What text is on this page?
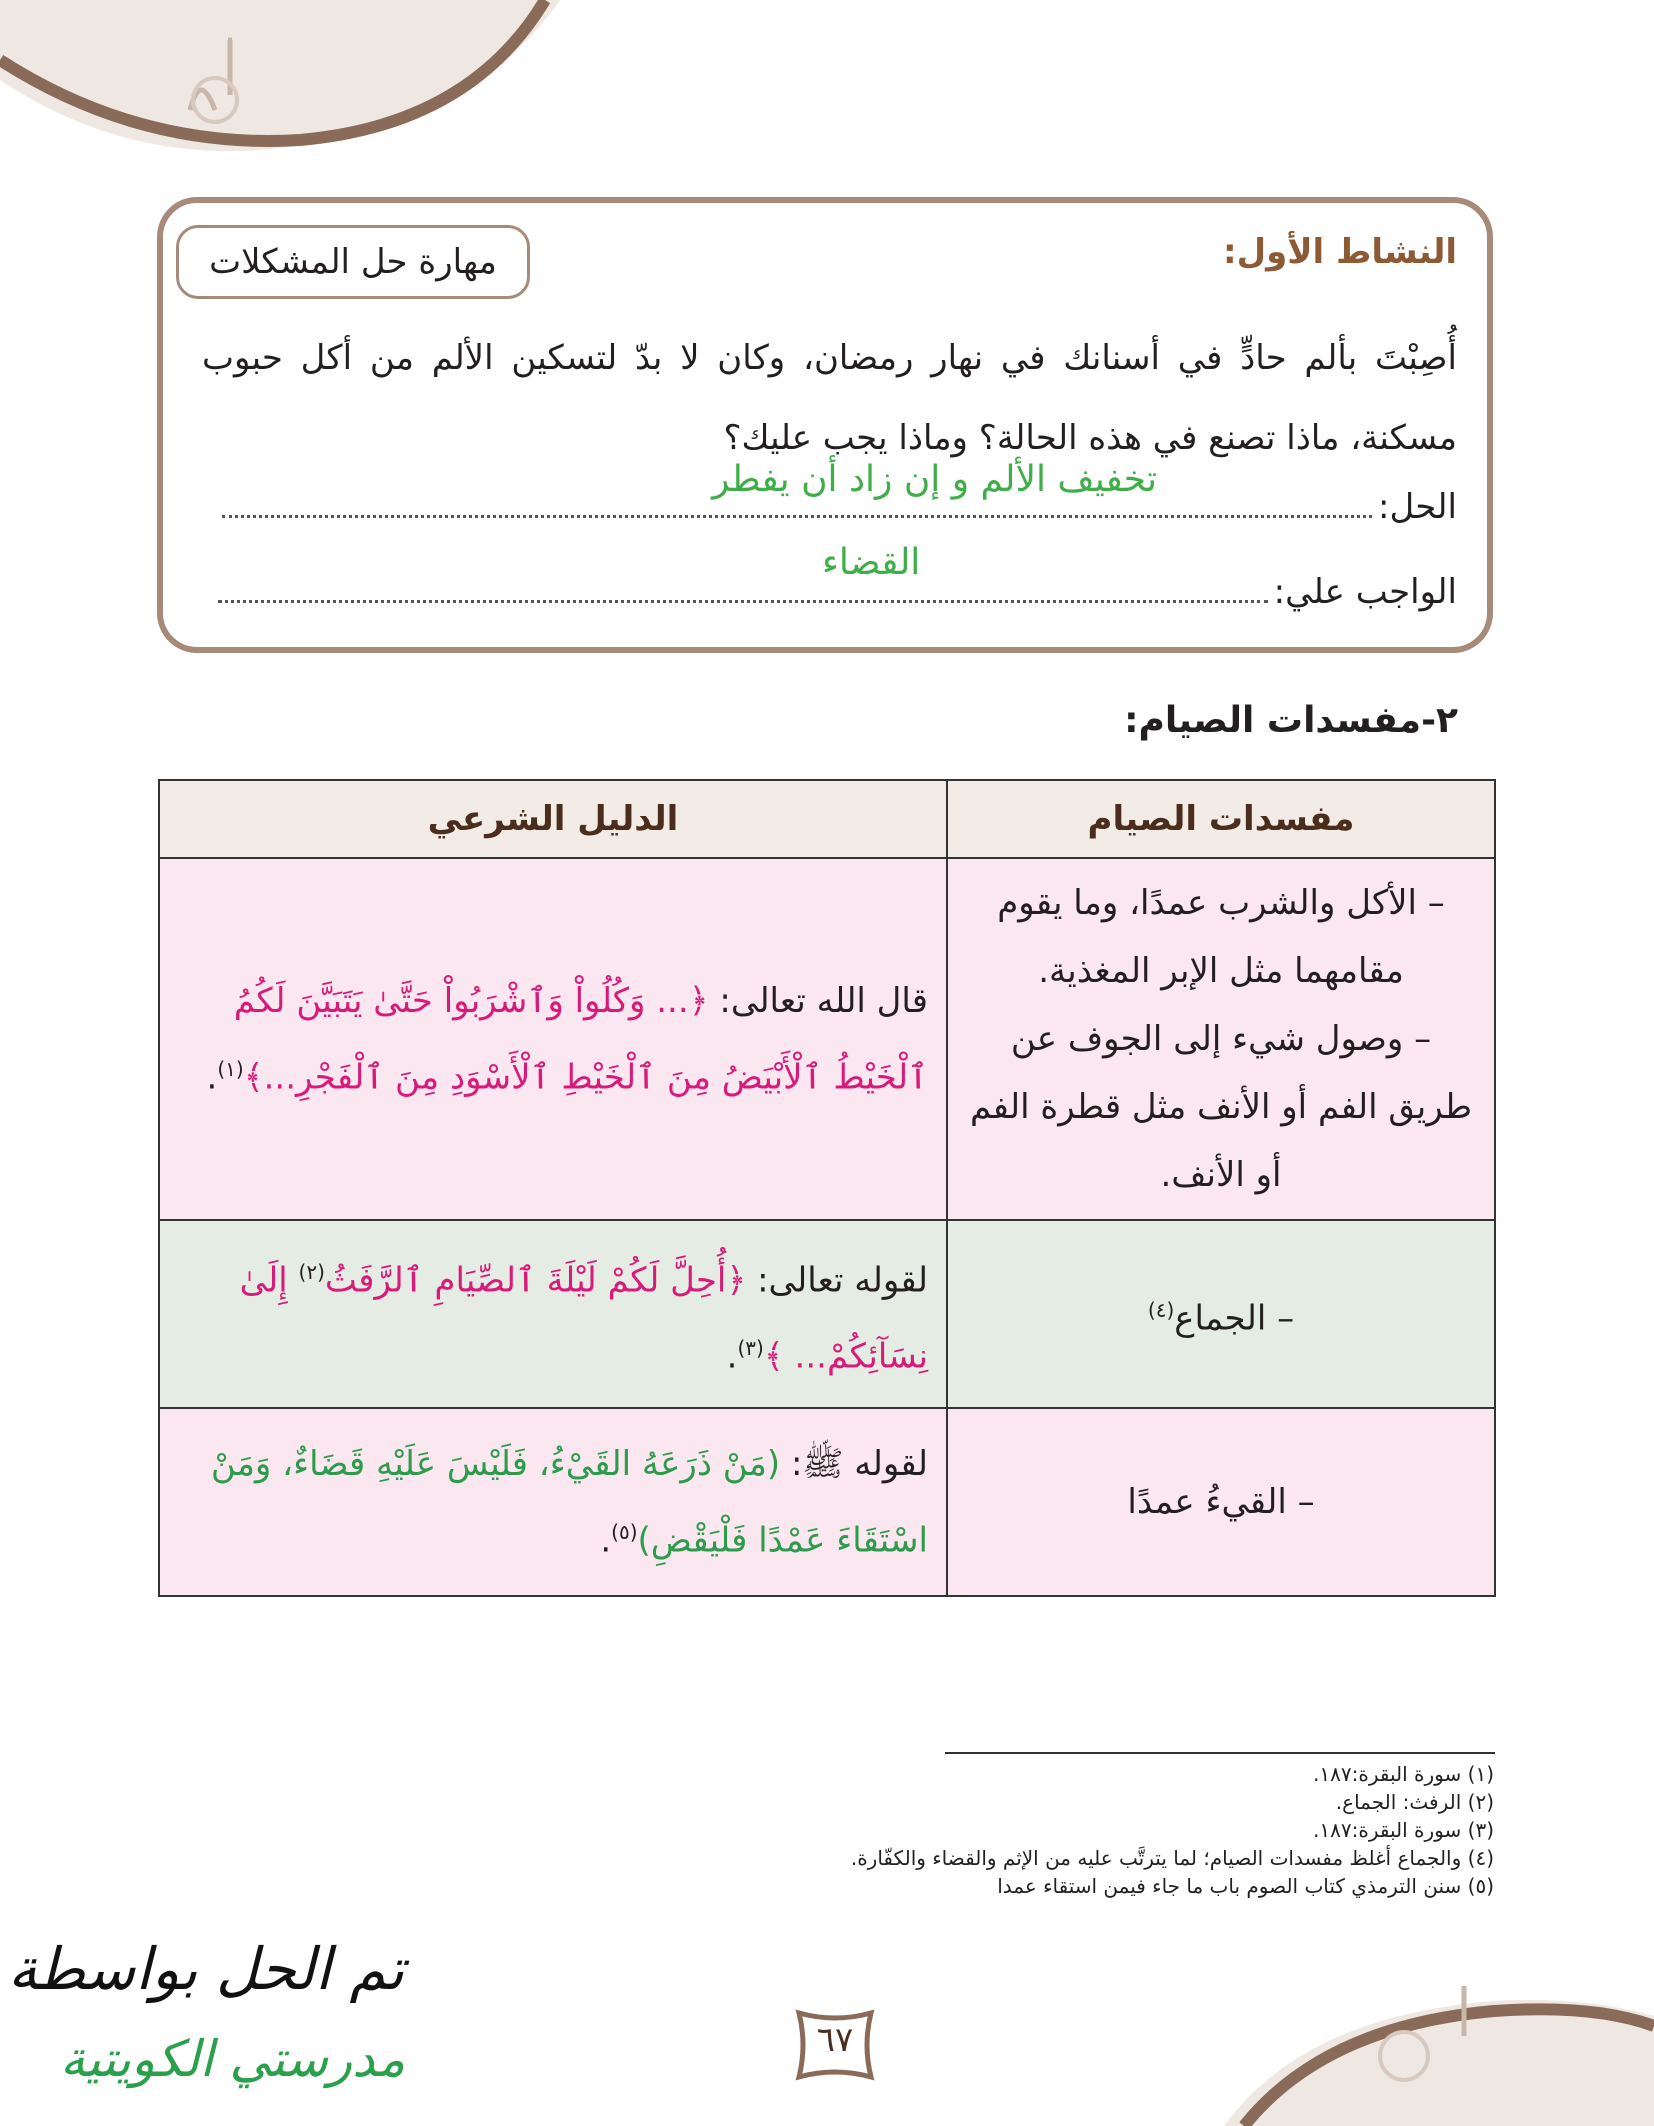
مهارة حل المشكلات	النشاط الأول:
أُصِبْتَ بألم حادٍّ في أسنانك في نهار رمضان، وكان لا بدّ لتسكين الألم من أكل حبوب مسكنة، ماذا تصنع في هذه الحالة؟ وماذا يجب عليك؟
الحل:
تخفيف الألم و إن زاد أن يفطر
الواجب علي:
القضاء
٢-مفسدات الصيام:
مفسدات الصيام	الدليل الشرعي

– الأكل والشرب عمدًا، وما يقوم مقامهما مثل الإبر المغذية.
– وصول شيء إلى الجوف عن طريق الفم أو الأنف مثل قطرة الفم أو الأنف.	قال الله تعالى: ﴿... وَكُلُواْ وَٱشْرَبُواْ حَتَّىٰ يَتَبَيَّنَ لَكُمُ ٱلْخَيْطُ ٱلْأَبْيَضُ مِنَ ٱلْخَيْطِ ٱلْأَسْوَدِ مِنَ ٱلْفَجْرِ...﴾$^{(١)}$.
– الجماع$^{(٤)}$	لقوله تعالى: ﴿أُحِلَّ لَكُمْ لَيْلَةَ ٱلصِّيَامِ ٱلرَّفَثُ$^{(٢)}$ إِلَىٰ نِسَآئِكُمْ... ﴾$^{(٣)}$.
– القيءُ عمدًا	لقوله ﷺ: (مَنْ ذَرَعَهُ القَيْءُ، فَلَيْسَ عَلَيْهِ قَضَاءٌ، وَمَنْ اسْتَقَاءَ عَمْدًا فَلْيَقْضِ)$^{(٥)}$.
(١) سورة البقرة:١٨٧.
(٢) الرفث: الجماع.
(٣) سورة البقرة:١٨٧.
(٤) والجماع أغلظ مفسدات الصيام؛ لما يترتَّب عليه من الإثم والقضاء والكفّارة.
(٥) سنن الترمذي كتاب الصوم باب ما جاء فيمن استقاء عمدا
٦٧
تم الحل بواسطة
مدرستي الكويتية
